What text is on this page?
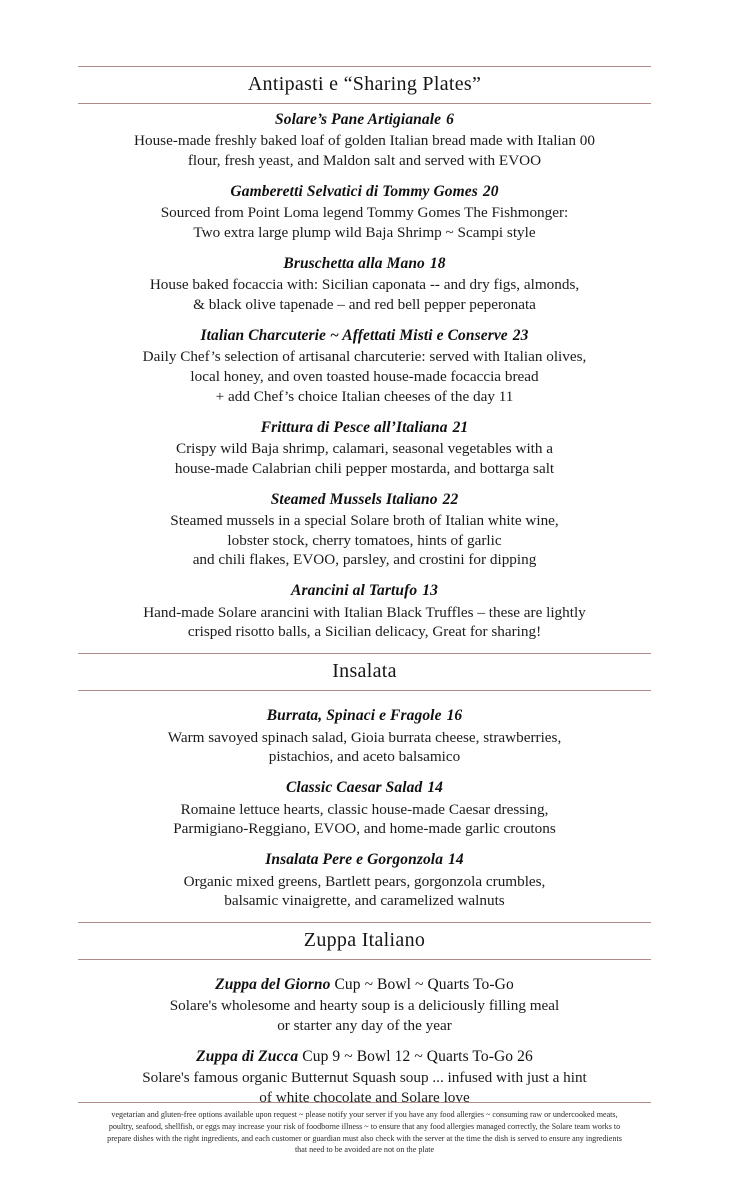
Antipasti e “Sharing Plates”
Solare’s Pane Artigianale 6
House-made freshly baked loaf of golden Italian bread made with Italian 00
flour, fresh yeast, and Maldon salt and served with EVOO
Gamberetti Selvatici di Tommy Gomes 20
Sourced from Point Loma legend Tommy Gomes The Fishmonger:
Two extra large plump wild Baja Shrimp ~ Scampi style
Bruschetta alla Mano 18
House baked focaccia with: Sicilian caponata -- and dry figs, almonds,
& black olive tapenade – and red bell pepper peperonata
Italian Charcuterie ~ Affettati Misti e Conserve 23
Daily Chef’s selection of artisanal charcuterie: served with Italian olives,
local honey, and oven toasted house-made focaccia bread
+ add Chef’s choice Italian cheeses of the day 11
Frittura di Pesce all’Italiana 21
Crispy wild Baja shrimp, calamari, seasonal vegetables with a
house-made Calabrian chili pepper mostarda, and bottarga salt
Steamed Mussels Italiano 22
Steamed mussels in a special Solare broth of Italian white wine,
lobster stock, cherry tomatoes, hints of garlic
and chili flakes, EVOO, parsley, and crostini for dipping
Arancini al Tartufo 13
Hand-made Solare arancini with Italian Black Truffles – these are lightly
crisped risotto balls, a Sicilian delicacy, Great for sharing!
Insalata
Burrata, Spinaci e Fragole 16
Warm savoyed spinach salad, Gioia burrata cheese, strawberries,
pistachios, and aceto balsamico
Classic Caesar Salad 14
Romaine lettuce hearts, classic house-made Caesar dressing,
Parmigiano-Reggiano, EVOO, and home-made garlic croutons
Insalata Pere e Gorgonzola 14
Organic mixed greens, Bartlett pears, gorgonzola crumbles,
balsamic vinaigrette, and caramelized walnuts
Zuppa Italiano
Zuppa del Giorno Cup ~ Bowl ~ Quarts To-Go
Solare's wholesome and hearty soup is a deliciously filling meal
or starter any day of the year
Zuppa di Zucca Cup 9 ~ Bowl 12 ~ Quarts To-Go 26
Solare's famous organic Butternut Squash soup ... infused with just a hint
of white chocolate and Solare love
vegetarian and gluten-free options available upon request ~ please notify your server if you have any food allergies ~ consuming raw or undercooked meats,
poultry, seafood, shellfish, or eggs may increase your risk of foodborne illness ~ to ensure that any food allergies managed correctly, the Solare team works to
prepare dishes with the right ingredients, and each customer or guardian must also check with the server at the time the dish is served to ensure any ingredients
that need to be avoided are not on the plate
